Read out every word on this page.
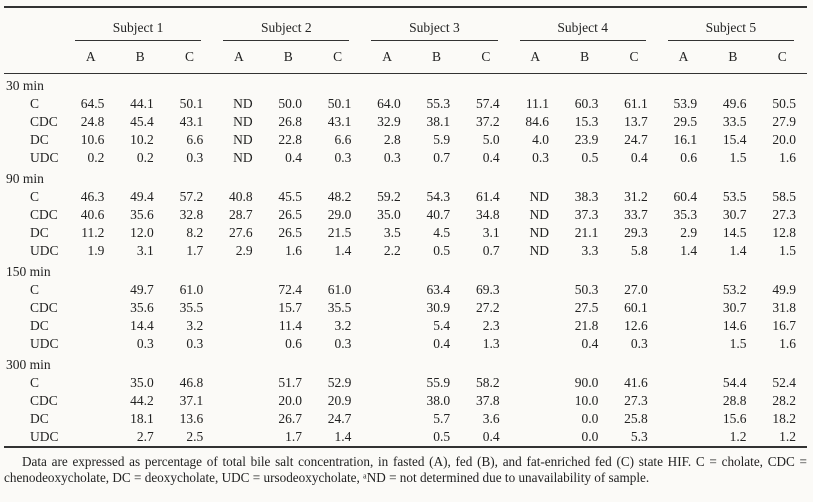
	Subject 1			Subject 2			Subject 3			Subject 4			Subject 5		

	A	B	C	A	B	C	A	B	C	A	B	C	A	B	C
30 min															
C	64.5	44.1	50.1	ND	50.0	50.1	64.0	55.3	57.4	11.1	60.3	61.1	53.9	49.6	50.5
CDC	24.8	45.4	43.1	ND	26.8	43.1	32.9	38.1	37.2	84.6	15.3	13.7	29.5	33.5	27.9
DC	10.6	10.2	6.6	ND	22.8	6.6	2.8	5.9	5.0	4.0	23.9	24.7	16.1	15.4	20.0
UDC	0.2	0.2	0.3	ND	0.4	0.3	0.3	0.7	0.4	0.3	0.5	0.4	0.6	1.5	1.6
90 min															
C	46.3	49.4	57.2	40.8	45.5	48.2	59.2	54.3	61.4	ND	38.3	31.2	60.4	53.5	58.5
CDC	40.6	35.6	32.8	28.7	26.5	29.0	35.0	40.7	34.8	ND	37.3	33.7	35.3	30.7	27.3
DC	11.2	12.0	8.2	27.6	26.5	21.5	3.5	4.5	3.1	ND	21.1	29.3	2.9	14.5	12.8
UDC	1.9	3.1	1.7	2.9	1.6	1.4	2.2	0.5	0.7	ND	3.3	5.8	1.4	1.4	1.5
150 min															
C		49.7	61.0		72.4	61.0		63.4	69.3		50.3	27.0		53.2	49.9
CDC		35.6	35.5		15.7	35.5		30.9	27.2		27.5	60.1		30.7	31.8
DC		14.4	3.2		11.4	3.2		5.4	2.3		21.8	12.6		14.6	16.7
UDC		0.3	0.3		0.6	0.3		0.4	1.3		0.4	0.3		1.5	1.6
300 min															
C		35.0	46.8		51.7	52.9		55.9	58.2		90.0	41.6		54.4	52.4
CDC		44.2	37.1		20.0	20.9		38.0	37.8		10.0	27.3		28.8	28.2
DC		18.1	13.6		26.7	24.7		5.7	3.6		0.0	25.8		15.6	18.2
UDC		2.7	2.5		1.7	1.4		0.5	0.4		0.0	5.3		1.2	1.2

Data are expressed as percentage of total bile salt concentration, in fasted (A), fed (B), and fat-enriched fed (C) state HIF. C = cholate, CDC = chenodeoxycholate, DC = deoxycholate, UDC = ursodeoxycholate, ᵃND = not determined due to unavailability of sample.
